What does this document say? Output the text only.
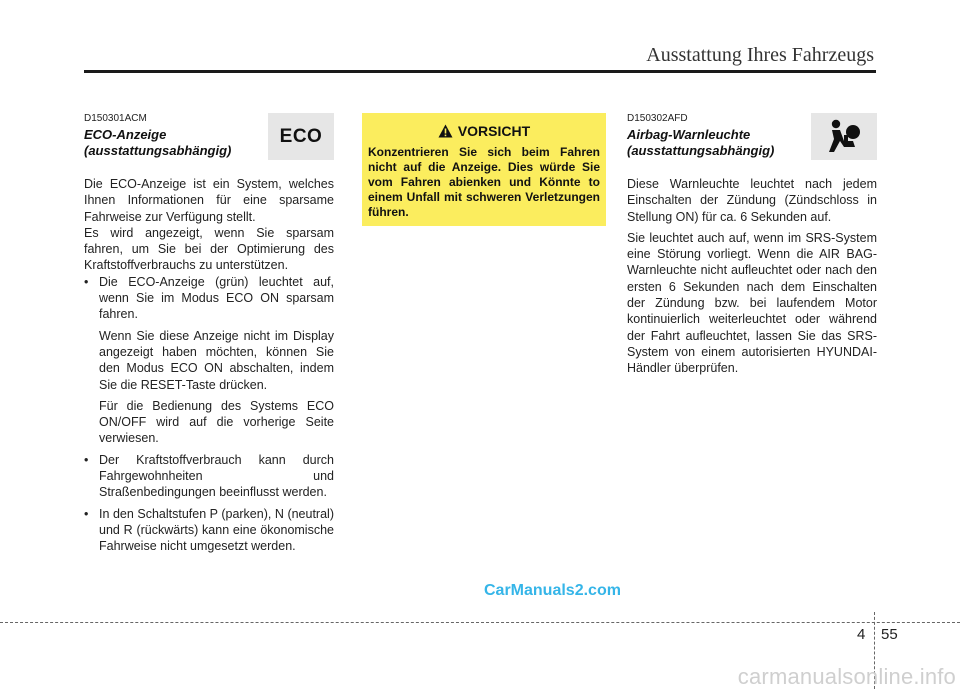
Ausstattung Ihres Fahrzeugs
D150301ACM
ECO-Anzeige
(ausstattungsabhängig)
ECO

Die ECO-Anzeige ist ein System, welches Ihnen Informationen für eine sparsame Fahrweise zur Verfügung stellt.

Es wird angezeigt, wenn Sie sparsam fahren, um Sie bei der Optimierung des Kraftstoffverbrauchs zu unterstützen.

• Die ECO-Anzeige (grün) leuchtet auf, wenn Sie im Modus ECO ON sparsam fahren.

Wenn Sie diese Anzeige nicht im Display angezeigt haben möchten, können Sie den Modus ECO ON abschalten, indem Sie die RESET-Taste drücken.

Für die Bedienung des Systems ECO ON/OFF wird auf die vorherige Seite verwiesen.

• Der Kraftstoffverbrauch kann durch Fahrgewohnheiten und Straßenbedingungen beeinflusst werden.

• In den Schaltstufen P (parken), N (neutral) und R (rückwärts) kann eine ökonomische Fahrweise nicht umgesetzt werden.

VORSICHT
Konzentrieren Sie sich beim Fahren nicht auf die Anzeige. Dies würde Sie vom Fahren abienken und Könnte to einem Unfall mit schweren Verletzungen führen.
D150302AFD
Airbag-Warnleuchte
(ausstattungsabhängig)

Diese Warnleuchte leuchtet nach jedem Einschalten der Zündung (Zündschloss in Stellung ON) für ca. 6 Sekunden auf.

Sie leuchtet auch auf, wenn im SRS-System eine Störung vorliegt. Wenn die AIR BAG-Warnleuchte nicht aufleuchtet oder nach den ersten 6 Sekunden nach dem Einschalten der Zündung bzw. bei laufendem Motor kontinuierlich weiterleuchtet oder während der Fahrt aufleuchtet, lassen Sie das SRS-System von einem autorisierten HYUNDAI-Händler überprüfen.

CarManuals2.com
4 55
carmanualsonline.info
